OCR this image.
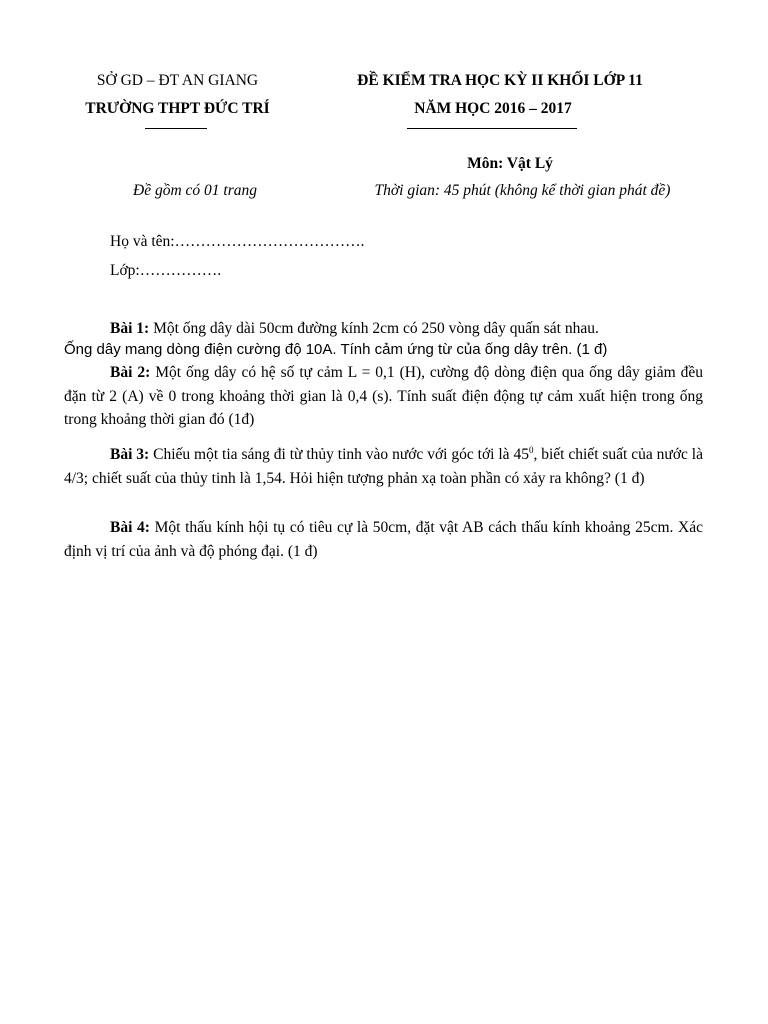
SỞ GD – ĐT AN GIANG
TRƯỜNG THPT ĐỨC TRÍ
ĐỀ KIỂM TRA HỌC KỲ II KHỐI LỚP 11
NĂM HỌC 2016 – 2017
Môn: Vật Lý
Đề gồm có 01 trang	Thời gian: 45 phút (không kể thời gian phát đề)
Họ và tên:……………………………….
Lớp:…………….
Bài 1: Một ống dây dài 50cm đường kính 2cm có 250 vòng dây quấn sát nhau.
Ống dây mang dòng điện cường độ 10A. Tính cảm ứng từ của ống dây trên. (1 đ)
Bài 2: Một ống dây có hệ số tự cảm L = 0,1 (H), cường độ dòng điện qua ống dây giảm đều đặn từ 2 (A) về 0 trong khoảng thời gian là 0,4 (s). Tính suất điện động tự cảm xuất hiện trong ống trong khoảng thời gian đó (1đ)
Bài 3: Chiếu một tia sáng đi từ thủy tinh vào nước với góc tới là $45^0$, biết chiết suất của nước là 4/3; chiết suất của thủy tinh là 1,54. Hỏi hiện tượng phản xạ toàn phần có xảy ra không? (1 đ)
Bài 4: Một thấu kính hội tụ có tiêu cự là 50cm, đặt vật AB cách thấu kính khoảng 25cm. Xác định vị trí của ảnh và độ phóng đại. (1 đ)
